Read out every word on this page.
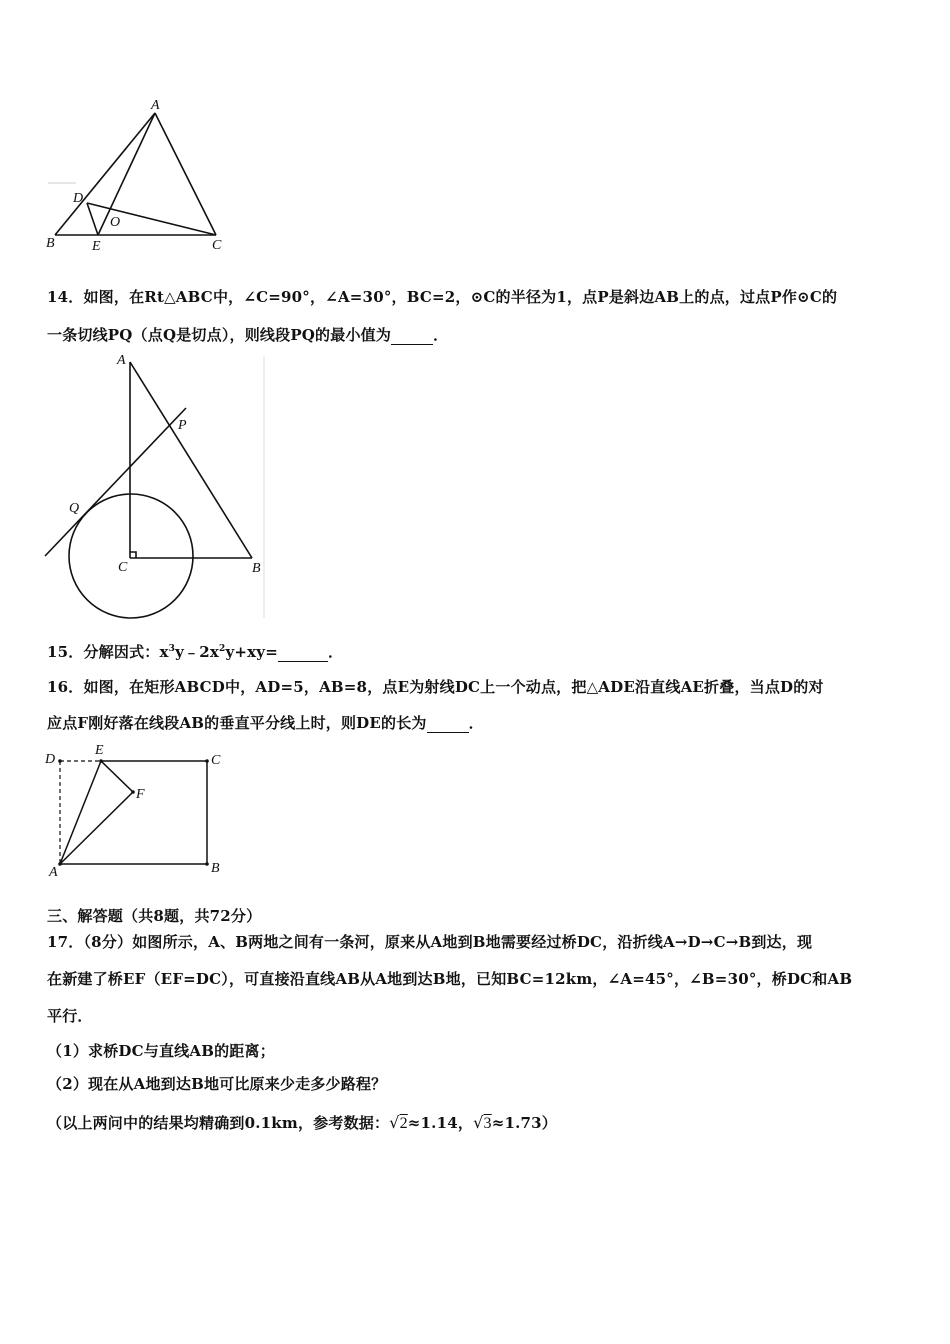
A
D
O
B	E	C
14．如图，在Rt△ABC中，∠C=90°，∠A=30°，BC=2，⊙C的半径为1，点P是斜边AB上的点，过点P作⊙C的
一条切线PQ（点Q是切点），则线段PQ的最小值为	．
A
P
Q
C	B
15．分解因式：$x^3y﹣2x^2y+xy=$	．
16．如图，在矩形ABCD中，AD=5，AB=8，点E为射线DC上一个动点，把△ADE沿直线AE折叠，当点D的对
应点F刚好落在线段AB的垂直平分线上时，则DE的长为	．
D
E
C
F
A	B
三、解答题（共8题，共72分）
17．（8分）如图所示，A、B两地之间有一条河，原来从A地到B地需要经过桥DC，沿折线A→D→C→B到达，现
在新建了桥EF（EF=DC），可直接沿直线AB从A地到达B地，已知BC=12km，∠A=45°，∠B=30°，桥DC和AB
平行．
（1）求桥DC与直线AB的距离；
（2）现在从A地到达B地可比原来少走多少路程？
（以上两问中的结果均精确到0.1km，参考数据：√2≈1.14，√3≈1.73）
